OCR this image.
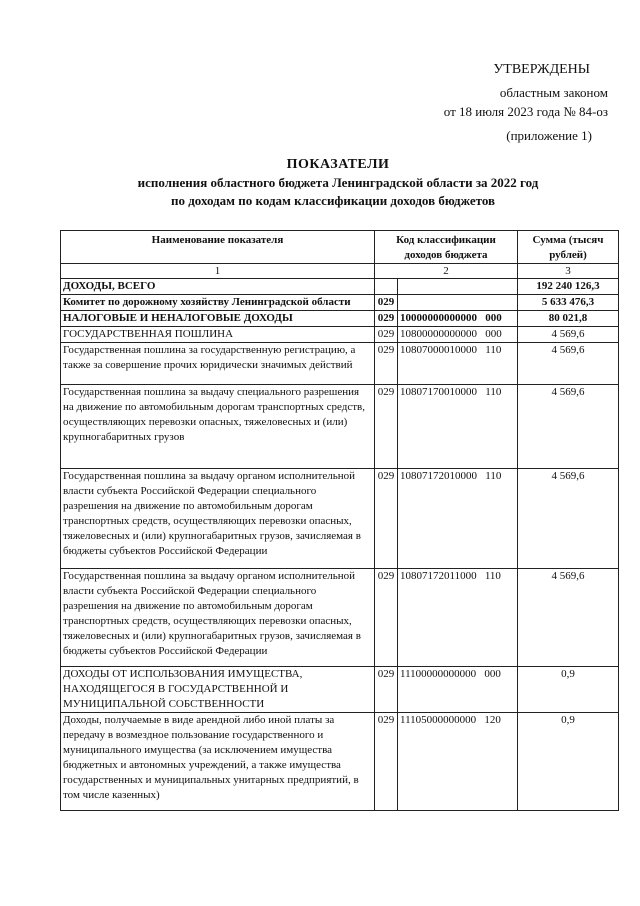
УТВЕРЖДЕНЫ
областным законом
от 18 июля 2023 года № 84-оз
(приложение 1)
ПОКАЗАТЕЛИ
исполнения областного бюджета Ленинградской области за 2022 год
по доходам по кодам классификации доходов бюджетов
Наименование показателя	Код классификации доходов бюджета		Сумма (тысяч рублей)
1	2		3
ДОХОДЫ, ВСЕГО			192 240 126,3
Комитет по дорожному хозяйству Ленинградской области	029		5 633 476,3
НАЛОГОВЫЕ И НЕНАЛОГОВЫЕ ДОХОДЫ	029	10000000000000   000	80 021,8
ГОСУДАРСТВЕННАЯ ПОШЛИНА	029	10800000000000   000	4 569,6
Государственная пошлина за государственную регистрацию, а также за совершение прочих юридически значимых действий	029	10807000010000   110	4 569,6
Государственная пошлина за выдачу специального разрешения на движение по автомобильным дорогам транспортных средств, осуществляющих перевозки опасных, тяжеловесных и (или) крупногабаритных грузов	029	10807170010000   110	4 569,6
Государственная пошлина за выдачу органом исполнительной власти субъекта Российской Федерации специального разрешения на движение по автомобильным дорогам транспортных средств, осуществляющих перевозки опасных, тяжеловесных и (или) крупногабаритных грузов, зачисляемая в бюджеты субъектов Российской Федерации	029	10807172010000   110	4 569,6
Государственная пошлина за выдачу органом исполнительной власти субъекта Российской Федерации специального разрешения на движение по автомобильным дорогам транспортных средств, осуществляющих перевозки опасных, тяжеловесных и (или) крупногабаритных грузов, зачисляемая в бюджеты субъектов Российской Федерации	029	10807172011000   110	4 569,6
ДОХОДЫ ОТ ИСПОЛЬЗОВАНИЯ ИМУЩЕСТВА, НАХОДЯЩЕГОСЯ В ГОСУДАРСТВЕННОЙ И МУНИЦИПАЛЬНОЙ СОБСТВЕННОСТИ	029	11100000000000   000	0,9
Доходы, получаемые в виде арендной либо иной платы за передачу в возмездное пользование государственного и муниципального имущества (за исключением имущества бюджетных и автономных учреждений, а также имущества государственных и муниципальных унитарных предприятий, в том числе казенных)	029	11105000000000   120	0,9
